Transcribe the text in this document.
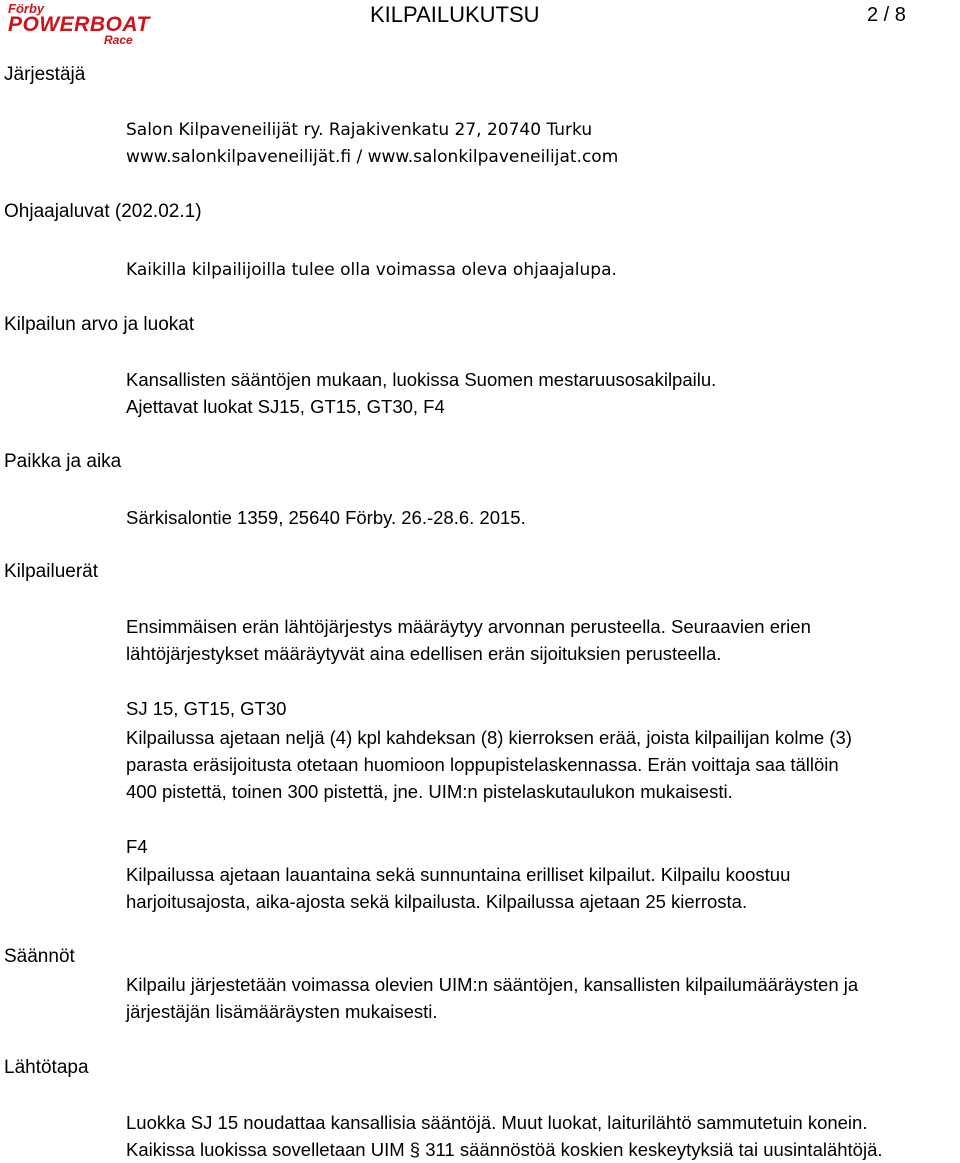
Förby
POWERBOAT
Race
KILPAILUKUTSU	2 / 8
Järjestäjä
Salon Kilpaveneilijät ry. Rajakivenkatu 27, 20740 Turku
www.salonkilpaveneilijät.fi / www.salonkilpaveneilijat.com
Ohjaajaluvat (202.02.1)
Kaikilla kilpailijoilla tulee olla voimassa oleva ohjaajalupa.
Kilpailun arvo ja luokat
Kansallisten sääntöjen mukaan, luokissa Suomen mestaruusosakilpailu.
Ajettavat luokat SJ15, GT15, GT30, F4
Paikka ja aika
Särkisalontie 1359, 25640 Förby. 26.-28.6. 2015.
Kilpailuerät
Ensimmäisen erän lähtöjärjestys määräytyy arvonnan perusteella. Seuraavien erien
lähtöjärjestykset määräytyvät aina edellisen erän sijoituksien perusteella.
SJ 15, GT15, GT30
Kilpailussa ajetaan neljä (4) kpl kahdeksan (8) kierroksen erää, joista kilpailijan kolme (3)
parasta eräsijoitusta otetaan huomioon loppupistelaskennassa. Erän voittaja saa tällöin
400 pistettä, toinen 300 pistettä, jne. UIM:n pistelaskutaulukon mukaisesti.
F4
Kilpailussa ajetaan lauantaina sekä sunnuntaina erilliset kilpailut. Kilpailu koostuu
harjoitusajosta, aika-ajosta sekä kilpailusta. Kilpailussa ajetaan 25 kierrosta.
Säännöt
Kilpailu järjestetään voimassa olevien UIM:n sääntöjen, kansallisten kilpailumääräysten ja
järjestäjän lisämääräysten mukaisesti.
Lähtötapa
Luokka SJ 15 noudattaa kansallisia sääntöjä. Muut luokat, laiturilähtö sammutetuin konein.
Kaikissa luokissa sovelletaan UIM § 311 säännöstöä koskien keskeytyksiä tai uusintalähtöjä.
